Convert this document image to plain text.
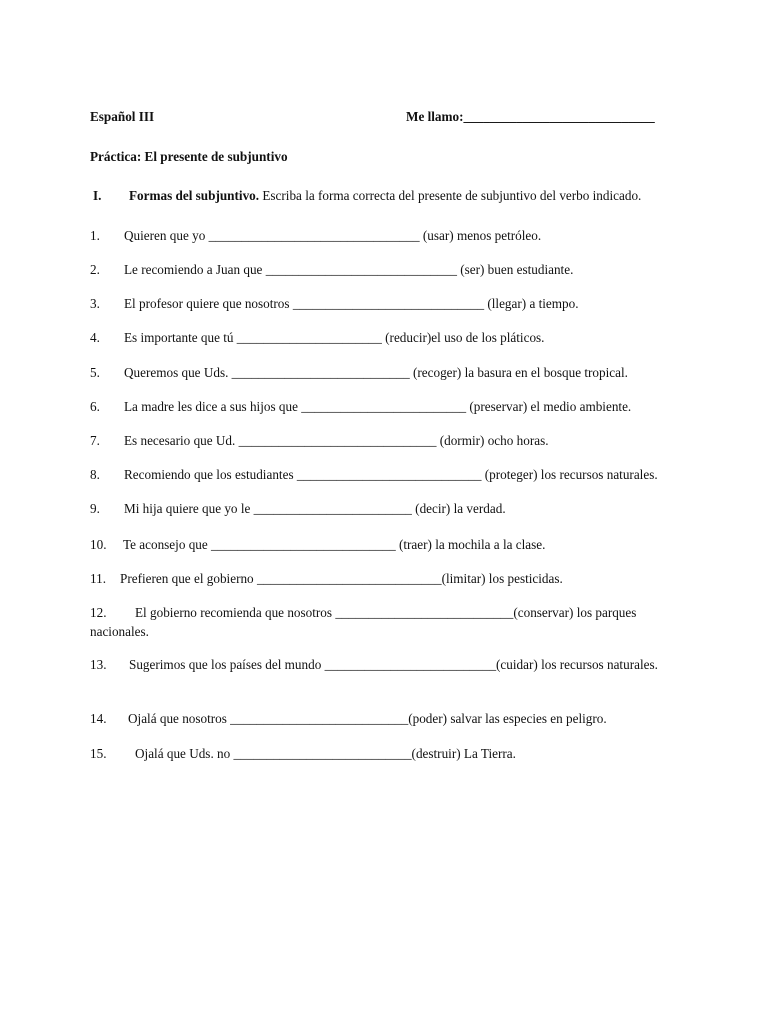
Español III	Me llamo:_____________________________
Práctica: El presente de subjuntivo
I. Formas del subjuntivo. Escriba la forma correcta del presente de subjuntivo del verbo indicado.
1. Quieren que yo ________________________________ (usar) menos petróleo.
2. Le recomiendo a Juan que _____________________________ (ser) buen estudiante.
3. El profesor quiere que nosotros _____________________________ (llegar) a tiempo.
4. Es importante que tú ______________________ (reducir)el uso de los pláticos.
5. Queremos que Uds. ___________________________ (recoger) la basura en el bosque tropical.
6. La madre les dice a sus hijos que _________________________ (preservar) el medio ambiente.
7. Es necesario que Ud. ______________________________ (dormir) ocho horas.
8. Recomiendo que los estudiantes ____________________________ (proteger) los recursos naturales.
9. Mi hija quiere que yo le ________________________ (decir) la verdad.
10. Te aconsejo que ____________________________ (traer) la mochila a la clase.
11. Prefieren que el gobierno ____________________________(limitar) los pesticidas.
12. El gobierno recomienda que nosotros ___________________________(conservar) los parques nacionales.
13. Sugerimos que los países del mundo __________________________(cuidar) los recursos naturales.
14. Ojalá que nosotros ___________________________(poder) salvar las especies en peligro.
15. Ojalá que Uds. no ___________________________(destruir) La Tierra.
